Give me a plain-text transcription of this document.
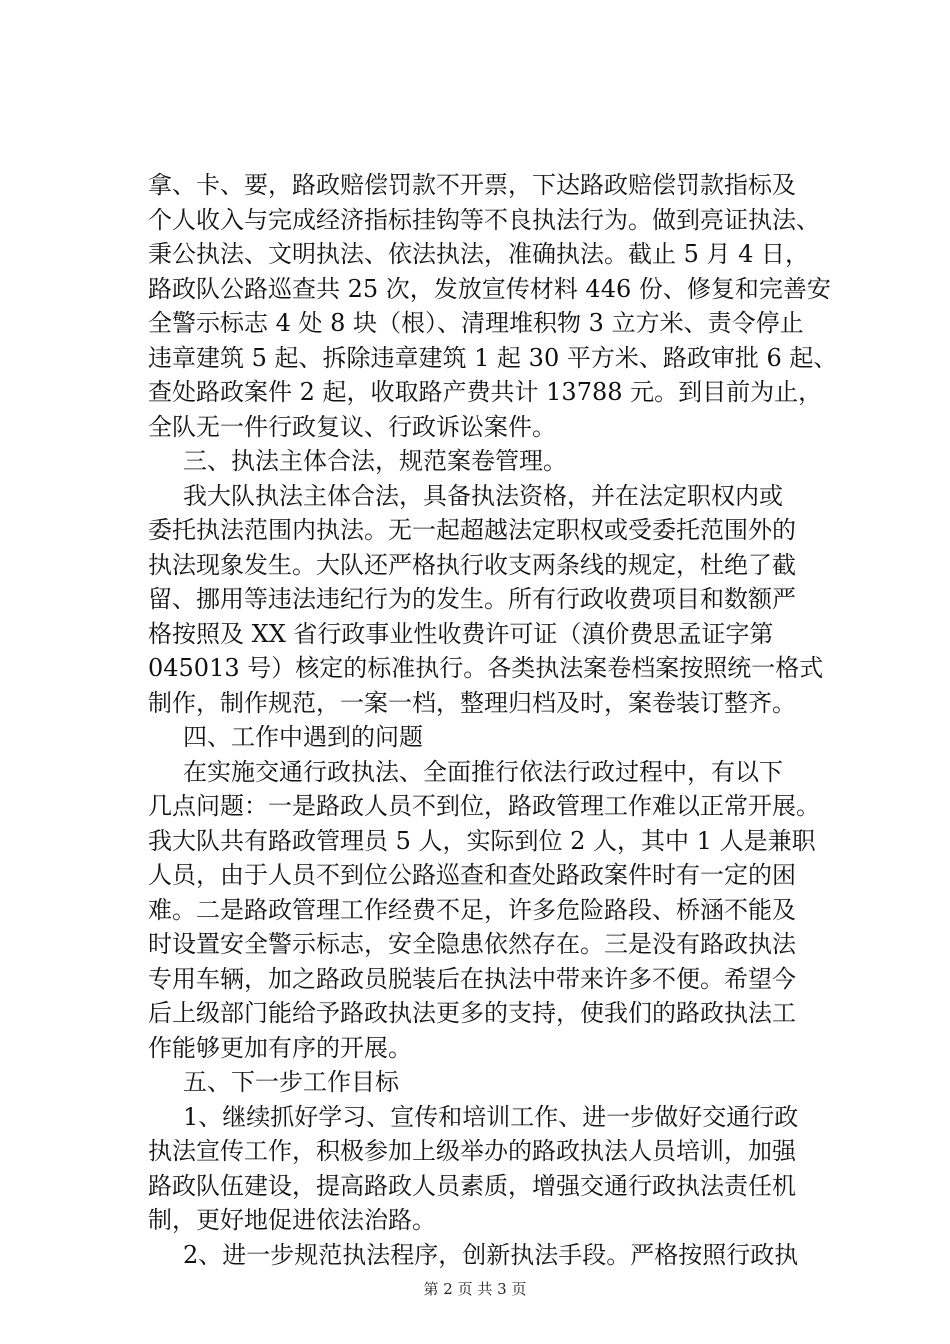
拿、卡、要，路政赔偿罚款不开票，下达路政赔偿罚款指标及
个人收入与完成经济指标挂钩等不良执法行为。做到亮证执法、
秉公执法、文明执法、依法执法，准确执法。截止 5 月 4 日，
路政队公路巡查共 25 次，发放宣传材料 446 份、修复和完善安
全警示标志 4 处 8 块（根）、清理堆积物 3 立方米、责令停止
违章建筑 5 起、拆除违章建筑 1 起 30 平方米、路政审批 6 起、
查处路政案件 2 起，收取路产费共计 13788 元。到目前为止，
全队无一件行政复议、行政诉讼案件。
三、执法主体合法，规范案卷管理。
我大队执法主体合法，具备执法资格，并在法定职权内或
委托执法范围内执法。无一起超越法定职权或受委托范围外的
执法现象发生。大队还严格执行收支两条线的规定，杜绝了截
留、挪用等违法违纪行为的发生。所有行政收费项目和数额严
格按照及 XX 省行政事业性收费许可证（滇价费思孟证字第
045013 号）核定的标准执行。各类执法案卷档案按照统一格式
制作，制作规范，一案一档，整理归档及时，案卷装订整齐。
四、工作中遇到的问题
在实施交通行政执法、全面推行依法行政过程中，有以下
几点问题：一是路政人员不到位，路政管理工作难以正常开展。
我大队共有路政管理员 5 人，实际到位 2 人，其中 1 人是兼职
人员，由于人员不到位公路巡查和查处路政案件时有一定的困
难。二是路政管理工作经费不足，许多危险路段、桥涵不能及
时设置安全警示标志，安全隐患依然存在。三是没有路政执法
专用车辆，加之路政员脱装后在执法中带来许多不便。希望今
后上级部门能给予路政执法更多的支持，使我们的路政执法工
作能够更加有序的开展。
五、下一步工作目标
1、继续抓好学习、宣传和培训工作、进一步做好交通行政
执法宣传工作，积极参加上级举办的路政执法人员培训，加强
路政队伍建设，提高路政人员素质，增强交通行政执法责任机
制，更好地促进依法治路。
2、进一步规范执法程序，创新执法手段。严格按照行政执
第 2 页 共 3 页
